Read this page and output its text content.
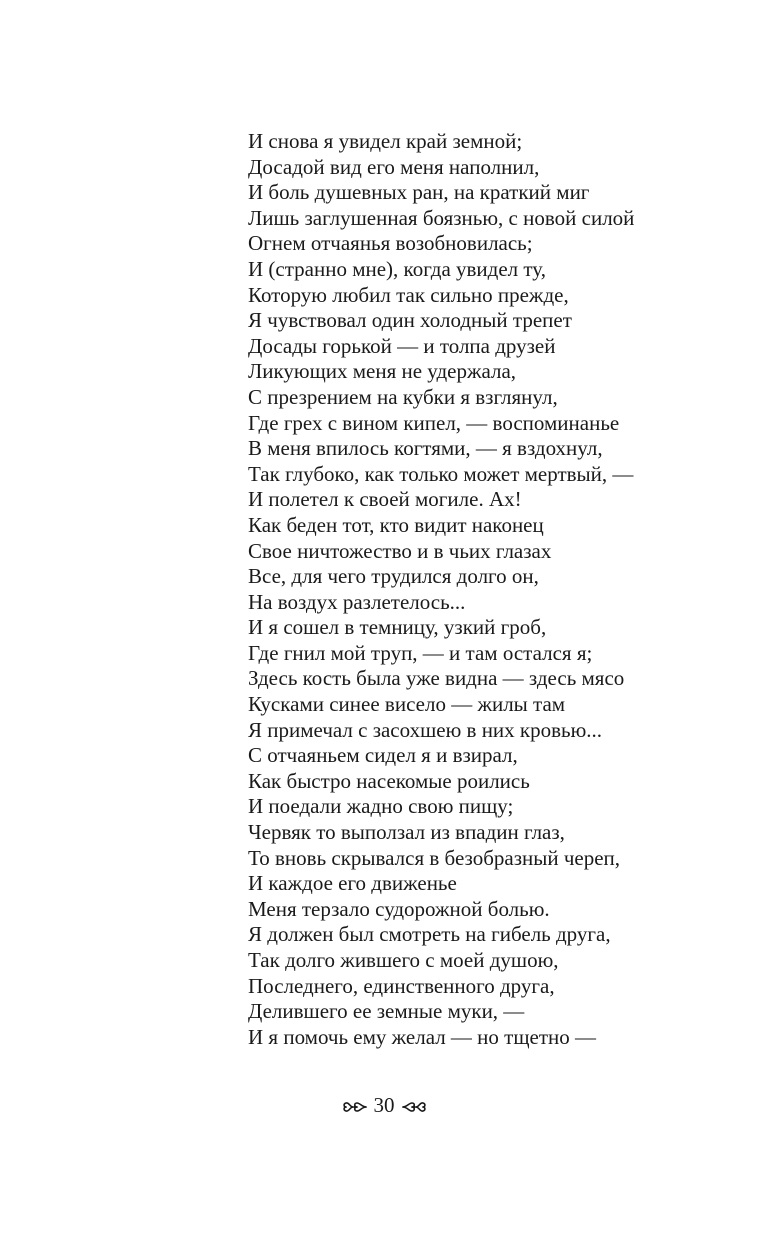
И снова я увидел край земной;
Досадой вид его меня наполнил,
И боль душевных ран, на краткий миг
Лишь заглушенная боязнью, с новой силой
Огнем отчаянья возобновилась;
И (странно мне), когда увидел ту,
Которую любил так сильно прежде,
Я чувствовал один холодный трепет
Досады горькой — и толпа друзей
Ликующих меня не удержала,
С презрением на кубки я взглянул,
Где грех с вином кипел, — воспоминанье
В меня впилось когтями, — я вздохнул,
Так глубоко, как только может мертвый, —
И полетел к своей могиле. Ах!
Как беден тот, кто видит наконец
Свое ничтожество и в чьих глазах
Все, для чего трудился долго он,
На воздух разлетелось...
И я сошел в темницу, узкий гроб,
Где гнил мой труп, — и там остался я;
Здесь кость была уже видна — здесь мясо
Кусками синее висело — жилы там
Я примечал с засохшею в них кровью...
С отчаяньем сидел я и взирал,
Как быстро насекомые роились
И поедали жадно свою пищу;
Червяк то выползал из впадин глаз,
То вновь скрывался в безобразный череп,
И каждое его движенье
Меня терзало судорожной болью.
Я должен был смотреть на гибель друга,
Так долго жившего с моей душою,
Последнего, единственного друга,
Делившего ее земные муки, —
И я помочь ему желал — но тщетно —
30
